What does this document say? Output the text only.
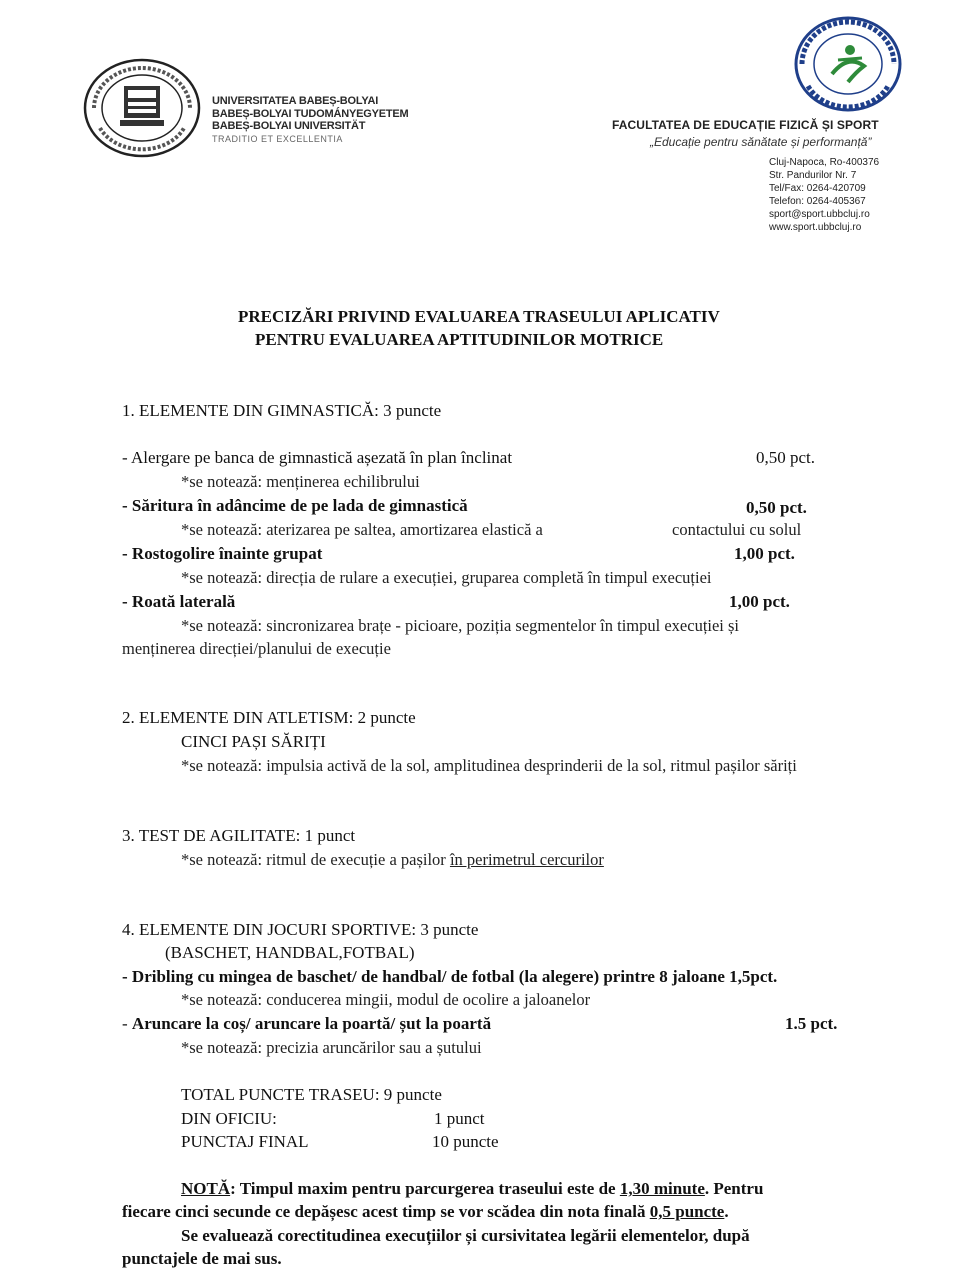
UNIVERSITATEA BABEȘ-BOLYAI
BABEȘ-BOLYAI TUDOMÁNYEGYETEM
BABEȘ-BOLYAI UNIVERSITÄT
TRADITIO ET EXCELLENTIA
FACULTATEA DE EDUCAȚIE FIZICĂ ȘI SPORT
„Educație pentru sănătate și performanță”
Cluj-Napoca, Ro-400376
Str. Pandurilor Nr. 7
Tel/Fax: 0264-420709
Telefon: 0264-405367
sport@sport.ubbcluj.ro
www.sport.ubbcluj.ro
PRECIZĂRI PRIVIND EVALUAREA TRASEULUI APLICATIV
PENTRU EVALUAREA APTITUDINILOR MOTRICE
1. ELEMENTE DIN GIMNASTICĂ: 3 puncte
- Alergare pe banca de gimnastică așezată în plan înclinat	0,50 pct.
*se notează: menținerea echilibrului
- Săritura în adâncime de pe lada de gimnastică	0,50 pct.
*se notează: aterizarea pe saltea, amortizarea elastică a	contactului cu solul
- Rostogolire înainte grupat	1,00 pct.
*se notează: direcția de rulare a execuției, gruparea completă în timpul execuției
- Roată laterală	1,00 pct.
*se notează: sincronizarea brațe - picioare, poziția segmentelor în timpul execuției și
menținerea direcției/planului de execuție
2. ELEMENTE DIN ATLETISM: 2 puncte
CINCI PAȘI SĂRIȚI
*se notează: impulsia activă de la sol, amplitudinea desprinderii de la sol, ritmul pașilor săriți
3. TEST DE AGILITATE: 1 punct
*se notează: ritmul de execuție a pașilor în perimetrul cercurilor
4. ELEMENTE DIN JOCURI SPORTIVE: 3 puncte
(BASCHET, HANDBAL,FOTBAL)
- Dribling cu mingea de baschet/ de handbal/ de fotbal (la alegere) printre 8 jaloane 1,5pct.
*se notează: conducerea mingii, modul de ocolire a jaloanelor
- Aruncare la coș/ aruncare la poartă/ șut la poartă	1.5 pct.
*se notează: precizia aruncărilor sau a șutului
TOTAL PUNCTE TRASEU: 9 puncte
DIN OFICIU:	1 punct
PUNCTAJ FINAL	10 puncte
NOTĂ: Timpul maxim pentru parcurgerea traseului este de 1,30 minute. Pentru
fiecare cinci secunde ce depășesc acest timp se vor scădea din nota finală 0,5 puncte.
Se evaluează corectitudinea execuțiilor și cursivitatea legării elementelor, după
punctajele de mai sus.
